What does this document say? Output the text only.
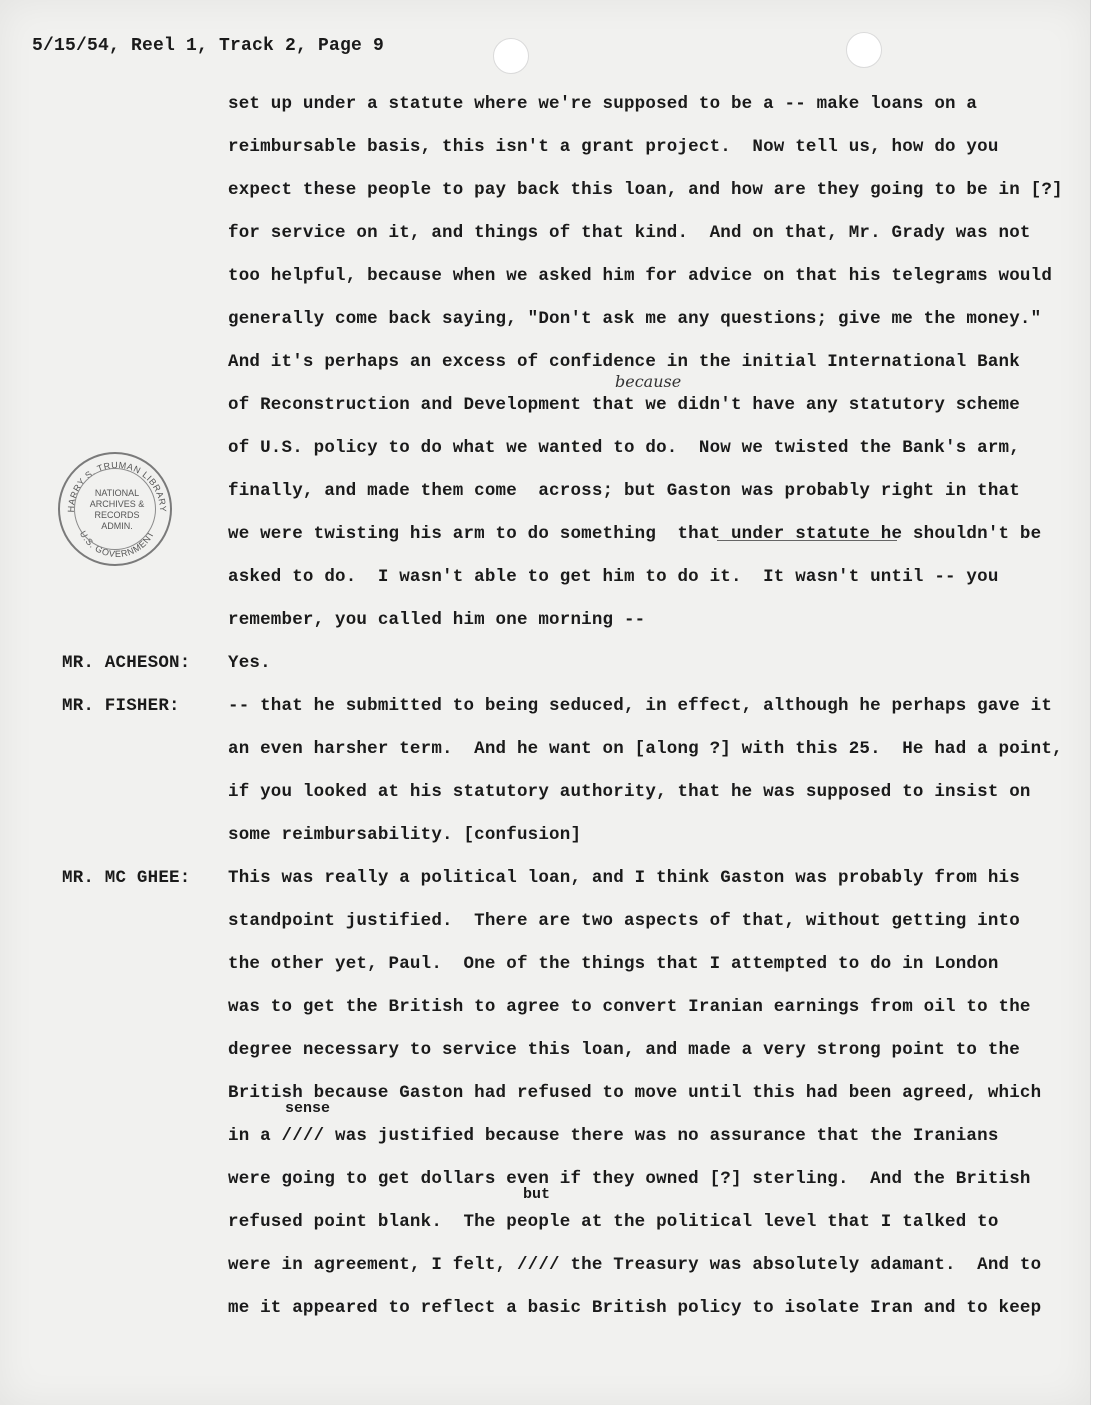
5/15/54, Reel 1, Track 2, Page 9
HARRY S. TRUMAN LIBRARY
U.S. GOVERNMENT
NATIONAL
ARCHIVES &
RECORDS
ADMIN.
because
sense
but
set up under a statute where we're supposed to be a -- make loans on a
reimbursable basis, this isn't a grant project.  Now tell us, how do you
expect these people to pay back this loan, and how are they going to be in [?]
for service on it, and things of that kind.  And on that, Mr. Grady was not
too helpful, because when we asked him for advice on that his telegrams would
generally come back saying, "Don't ask me any questions; give me the money."
And it's perhaps an excess of confidence in the initial International Bank
of Reconstruction and Development that we didn't have any statutory scheme
of U.S. policy to do what we wanted to do.  Now we twisted the Bank's arm,
finally, and made them come  across; but Gaston was probably right in that
we were twisting his arm to do something  that under statute he shouldn't be
asked to do.  I wasn't able to get him to do it.  It wasn't until -- you
remember, you called him one morning --
MR. ACHESON: Yes.
MR. FISHER:	-- that he submitted to being seduced, in effect, although he perhaps gave it
an even harsher term.  And he want on [along ?] with this 25.  He had a point,
if you looked at his statutory authority, that he was supposed to insist on
some reimbursability. [confusion]
MR. MC GHEE: This was really a political loan, and I think Gaston was probably from his
standpoint justified.  There are two aspects of that, without getting into
the other yet, Paul.  One of the things that I attempted to do in London
was to get the British to agree to convert Iranian earnings from oil to the
degree necessary to service this loan, and made a very strong point to the
British because Gaston had refused to move until this had been agreed, which
in a //// was justified because there was no assurance that the Iranians
were going to get dollars even if they owned [?] sterling.  And the British
refused point blank.  The people at the political level that I talked to
were in agreement, I felt, //// the Treasury was absolutely adamant.  And to
me it appeared to reflect a basic British policy to isolate Iran and to keep
